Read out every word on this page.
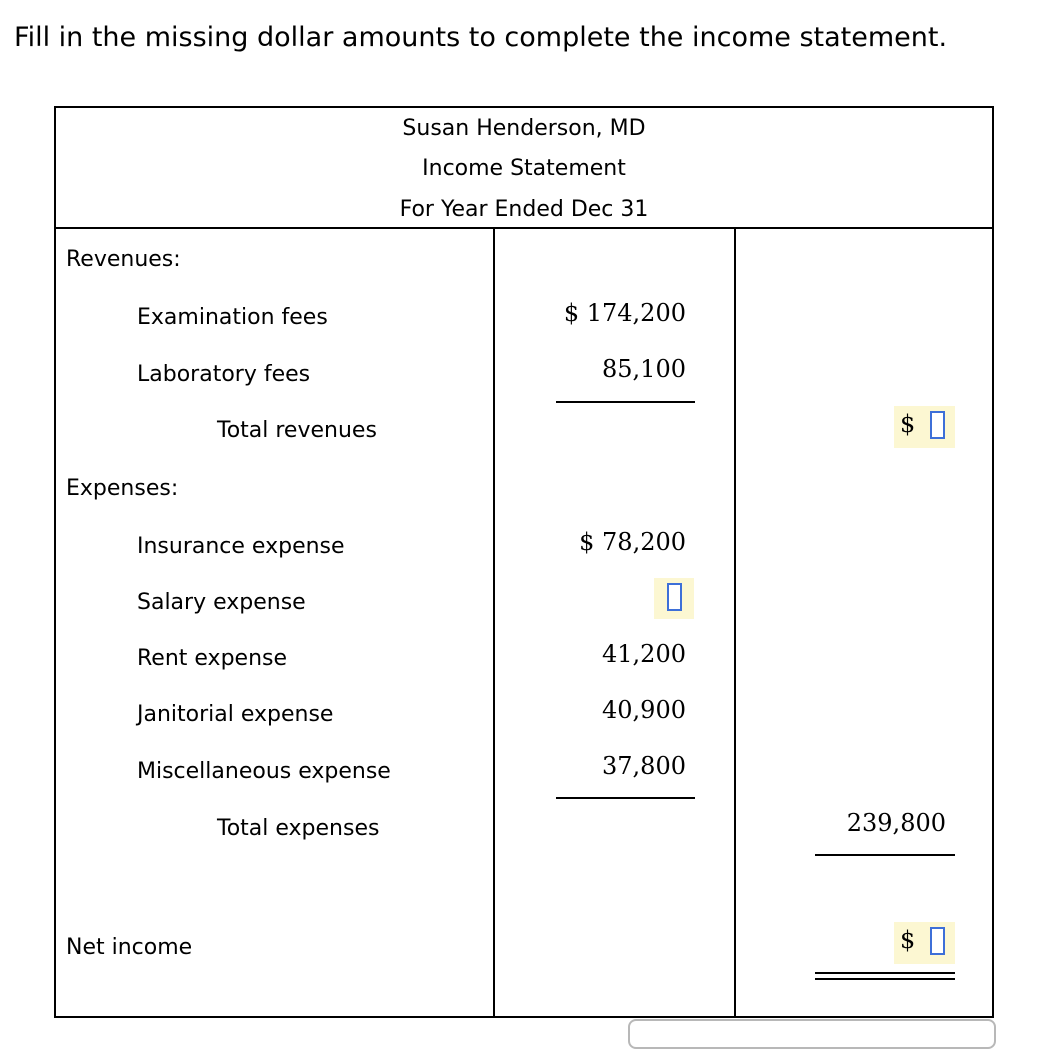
Fill in the missing dollar amounts to complete the income statement.
Susan Henderson, MD
Income Statement
For Year Ended Dec 31
Revenues:
Examination fees	$ 174,200
Laboratory fees	85,100
Total revenues	$
Expenses:
Insurance expense	$ 78,200
Salary expense
Rent expense	41,200
Janitorial expense	40,900
Miscellaneous expense	37,800
Total expenses	239,800
Net income	$
